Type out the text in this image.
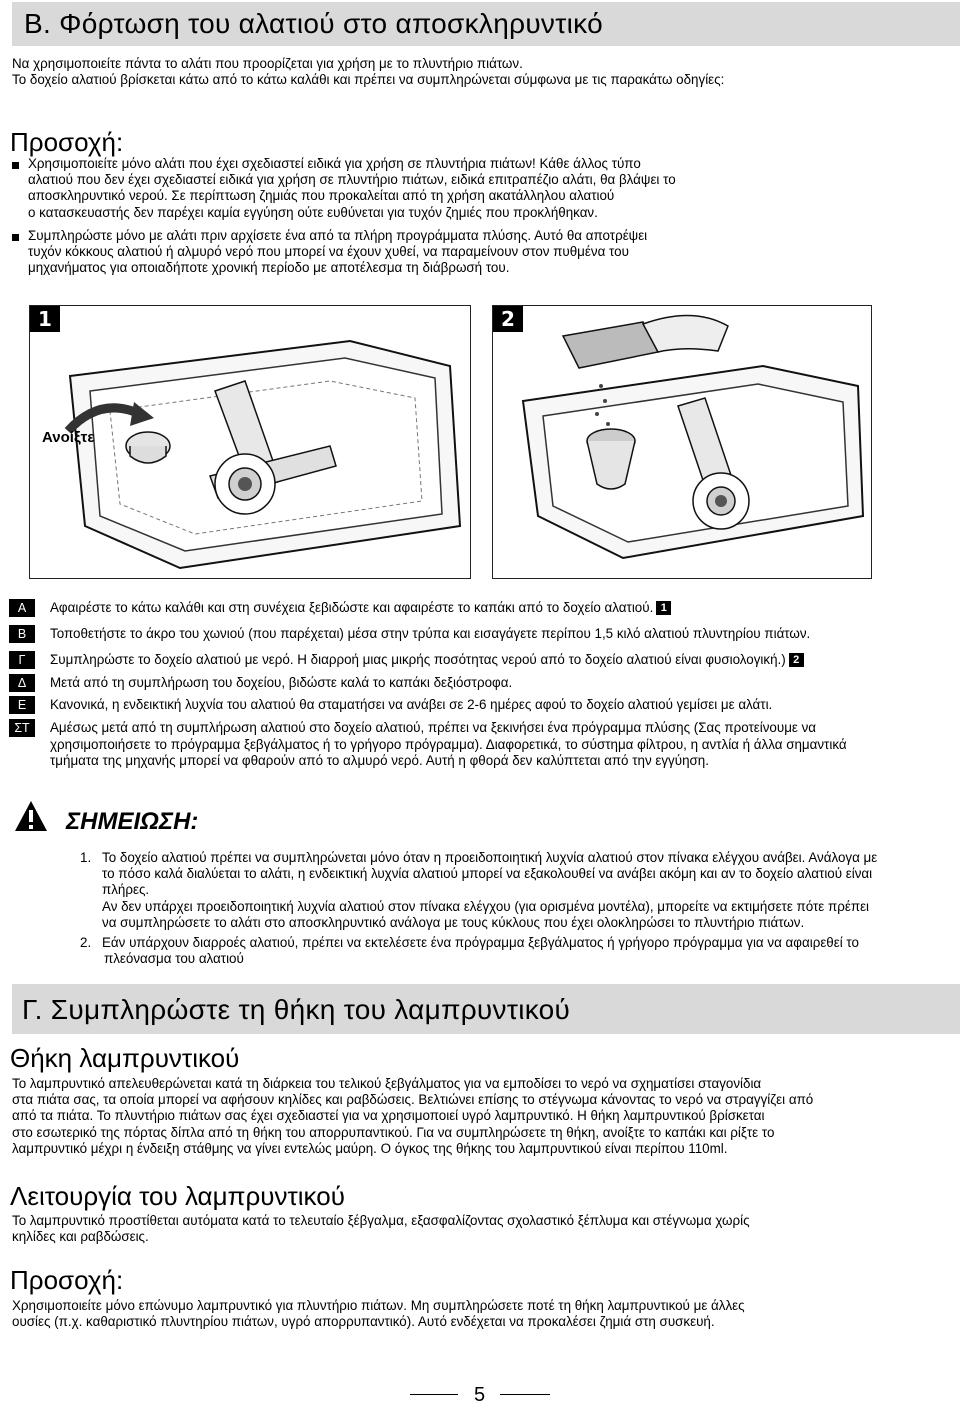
Β. Φόρτωση του αλατιού στο αποσκληρυντικό
Να χρησιμοποιείτε πάντα το αλάτι που προορίζεται για χρήση με το πλυντήριο πιάτων.
Το δοχείο αλατιού βρίσκεται κάτω από το κάτω καλάθι και πρέπει να συμπληρώνεται σύμφωνα με τις παρακάτω οδηγίες:
Προσοχή:
Χρησιμοποιείτε μόνο αλάτι που έχει σχεδιαστεί ειδικά για χρήση σε πλυντήρια πιάτων! Κάθε άλλος τύπο
αλατιού που δεν έχει σχεδιαστεί ειδικά για χρήση σε πλυντήριο πιάτων, ειδικά επιτραπέζιο αλάτι, θα βλάψει το
αποσκληρυντικό νερού. Σε περίπτωση ζημιάς που προκαλείται από τη χρήση ακατάλληλου αλατιού
ο κατασκευαστής δεν παρέχει καμία εγγύηση ούτε ευθύνεται για τυχόν ζημιές που προκλήθηκαν.
Συμπληρώστε μόνο με αλάτι πριν αρχίσετε ένα από τα πλήρη προγράμματα πλύσης. Αυτό θα αποτρέψει
τυχόν κόκκους αλατιού ή αλμυρό νερό που μπορεί να έχουν χυθεί, να παραμείνουν στον πυθμένα του
μηχανήματος για οποιαδήποτε χρονική περίοδο με αποτέλεσμα τη διάβρωσή του.
1
Ανοίξτε
2
Α	Αφαιρέστε το κάτω καλάθι και στη συνέχεια ξεβιδώστε και αφαιρέστε το καπάκι από το δοχείο αλατιού. 1
Β	Τοποθετήστε το άκρο του χωνιού (που παρέχεται) μέσα στην τρύπα και εισαγάγετε περίπου 1,5 κιλό αλατιού πλυντηρίου πιάτων.
Γ	Συμπληρώστε το δοχείο αλατιού με νερό. Η διαρροή μιας μικρής ποσότητας νερού από το δοχείο αλατιού είναι φυσιολογική.) 2
Δ	Μετά από τη συμπλήρωση του δοχείου, βιδώστε καλά το καπάκι δεξιόστροφα.
Ε	Κανονικά, η ενδεικτική λυχνία του αλατιού θα σταματήσει να ανάβει σε 2-6 ημέρες αφού το δοχείο αλατιού γεμίσει με αλάτι.
ΣΤ	Αμέσως μετά από τη συμπλήρωση αλατιού στο δοχείο αλατιού, πρέπει να ξεκινήσει ένα πρόγραμμα πλύσης (Σας προτείνουμε να
χρησιμοποιήσετε το πρόγραμμα ξεβγάλματος ή το γρήγορο πρόγραμμα). Διαφορετικά, το σύστημα φίλτρου, η αντλία ή άλλα σημαντικά
τμήματα της μηχανής μπορεί να φθαρούν από το αλμυρό νερό. Αυτή η φθορά δεν καλύπτεται από την εγγύηση.
ΣΗΜΕΙΩΣΗ:
1. Το δοχείο αλατιού πρέπει να συμπληρώνεται μόνο όταν η προειδοποιητική λυχνία αλατιού στον πίνακα ελέγχου ανάβει. Ανάλογα με
το πόσο καλά διαλύεται το αλάτι, η ενδεικτική λυχνία αλατιού μπορεί να εξακολουθεί να ανάβει ακόμη και αν το δοχείο αλατιού είναι
πλήρες.
Αν δεν υπάρχει προειδοποιητική λυχνία αλατιού στον πίνακα ελέγχου (για ορισμένα μοντέλα), μπορείτε να εκτιμήσετε πότε πρέπει
να συμπληρώσετε το αλάτι στο αποσκληρυντικό ανάλογα με τους κύκλους που έχει ολοκληρώσει το πλυντήριο πιάτων.
2. Εάν υπάρχουν διαρροές αλατιού, πρέπει να εκτελέσετε ένα πρόγραμμα ξεβγάλματος ή γρήγορο πρόγραμμα για να αφαιρεθεί το
πλεόνασμα του αλατιού
Γ. Συμπληρώστε τη θήκη του λαμπρυντικού
Θήκη λαμπρυντικού
Το λαμπρυντικό απελευθερώνεται κατά τη διάρκεια του τελικού ξεβγάλματος για να εμποδίσει το νερό να σχηματίσει σταγονίδια
στα πιάτα σας, τα οποία μπορεί να αφήσουν κηλίδες και ραβδώσεις. Βελτιώνει επίσης το στέγνωμα κάνοντας το νερό να στραγγίζει από
από τα πιάτα. Το πλυντήριο πιάτων σας έχει σχεδιαστεί για να χρησιμοποιεί υγρό λαμπρυντικό. Η θήκη λαμπρυντικού βρίσκεται
στο εσωτερικό της πόρτας δίπλα από τη θήκη του απορρυπαντικού. Για να συμπληρώσετε τη θήκη, ανοίξτε το καπάκι και ρίξτε το
λαμπρυντικό μέχρι η ένδειξη στάθμης να γίνει εντελώς μαύρη. Ο όγκος της θήκης του λαμπρυντικού είναι περίπου 110ml.
Λειτουργία του λαμπρυντικού
Το λαμπρυντικό προστίθεται αυτόματα κατά το τελευταίο ξέβγαλμα, εξασφαλίζοντας σχολαστικό ξέπλυμα και στέγνωμα χωρίς
κηλίδες και ραβδώσεις.
Προσοχή:
Χρησιμοποιείτε μόνο επώνυμο λαμπρυντικό για πλυντήριο πιάτων. Μη συμπληρώσετε ποτέ τη θήκη λαμπρυντικού με άλλες
ουσίες (π.χ. καθαριστικό πλυντηρίου πιάτων, υγρό απορρυπαντικό). Αυτό ενδέχεται να προκαλέσει ζημιά στη συσκευή.
5
